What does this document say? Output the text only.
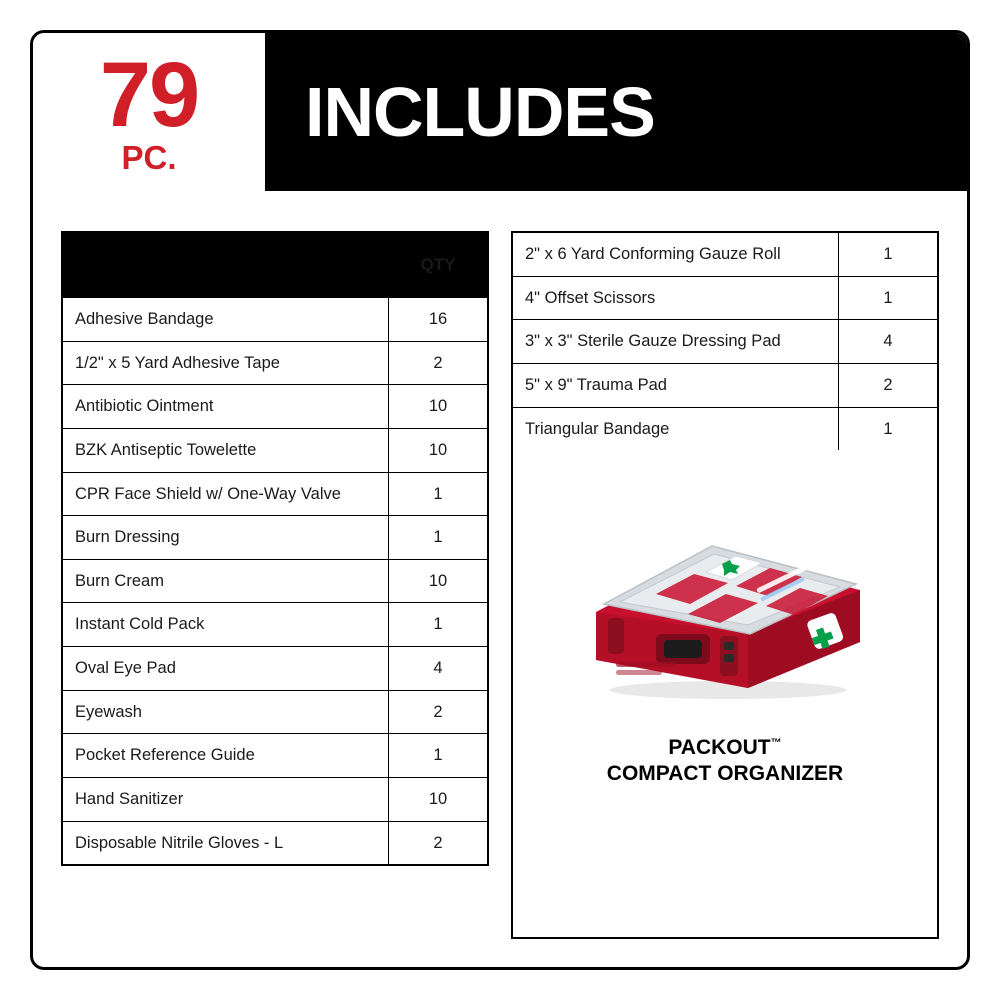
79
PC.
INCLUDES
	QTY
Adhesive Bandage	16
1/2" x 5 Yard Adhesive Tape	2
Antibiotic Ointment	10
BZK Antiseptic Towelette	10
CPR Face Shield w/ One-Way Valve	1
Burn Dressing	1
Burn Cream	10
Instant Cold Pack	1
Oval Eye Pad	4
Eyewash	2
Pocket Reference Guide	1
Hand Sanitizer	10
Disposable Nitrile Gloves - L	2
2" x 6 Yard Conforming Gauze Roll	1
4" Offset Scissors	1
3" x 3" Sterile Gauze Dressing Pad	4
5" x 9" Trauma Pad	2
Triangular Bandage	1
PACKOUT™
COMPACT ORGANIZER
